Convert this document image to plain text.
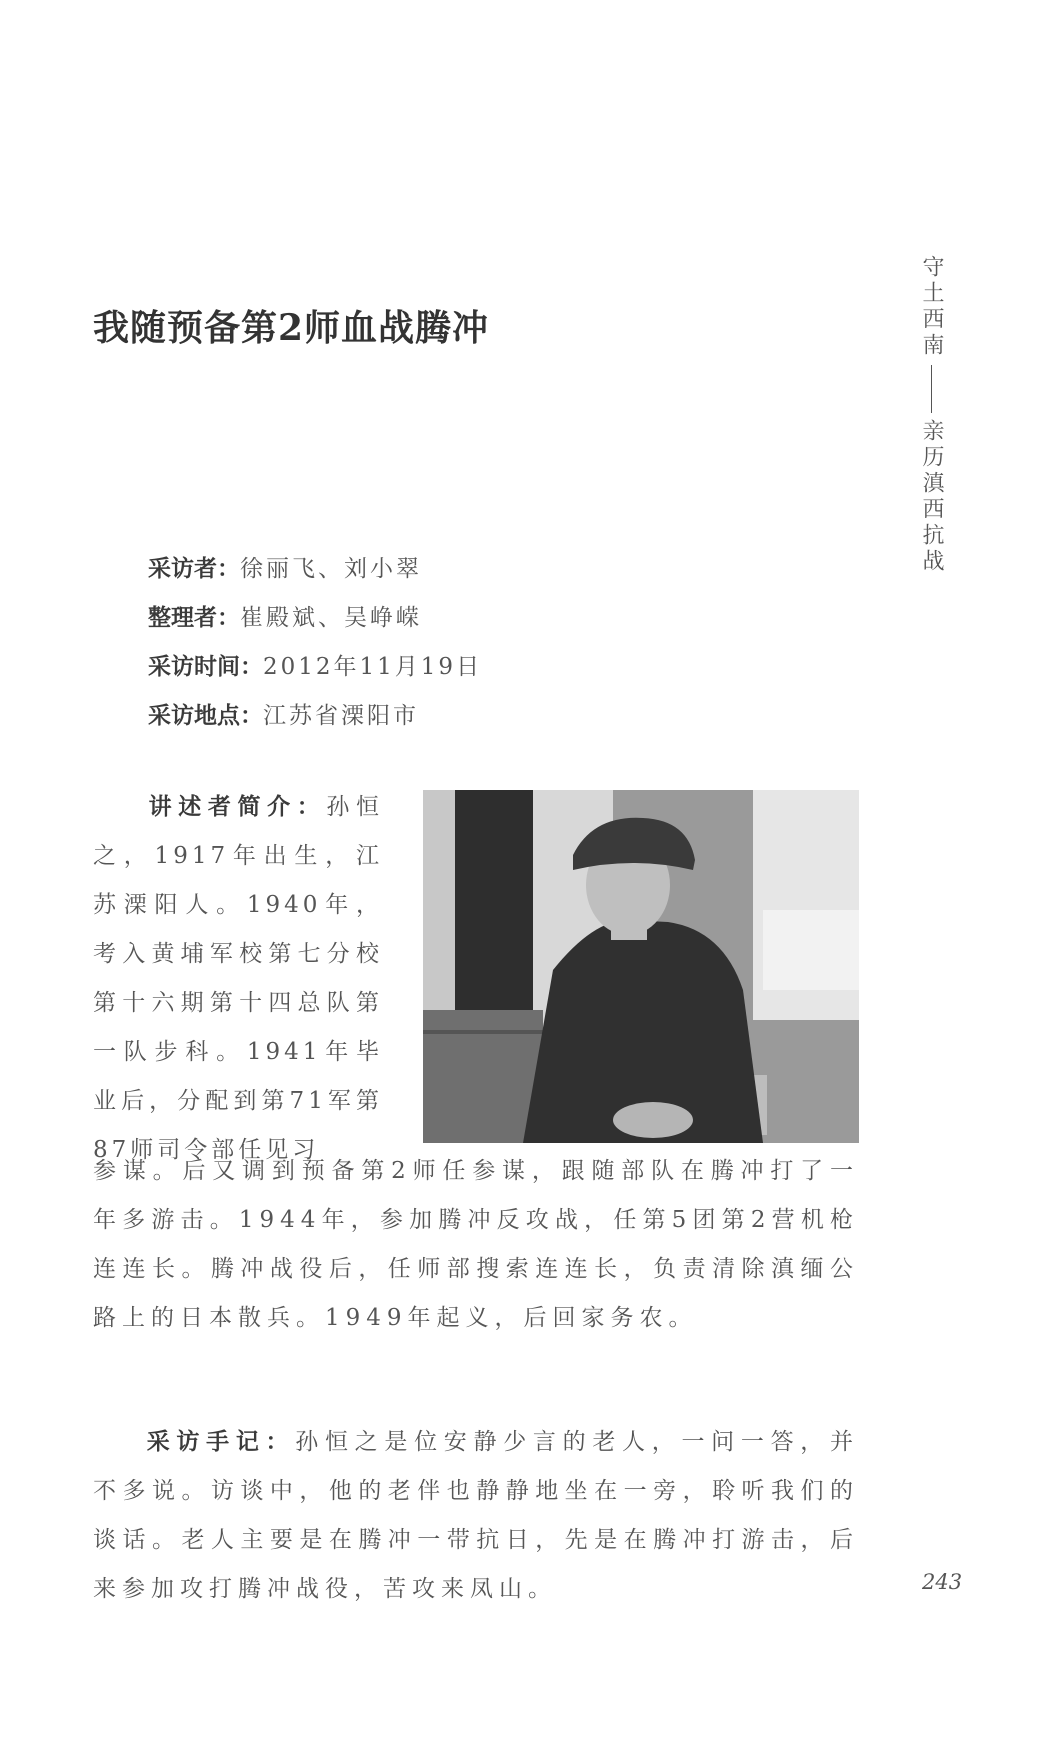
守土西南亲历滇西抗战
我随预备第2师血战腾冲
采访者：徐丽飞、刘小翠
整理者：崔殿斌、吴峥嵘
采访时间：2012年11月19日
采访地点：江苏省溧阳市
讲述者简介：孙恒之，1917年出生，江苏溧阳人。1940年，考入黄埔军校第七分校第十六期第十四总队第一队步科。1941年毕业后，分配到第71军第87师司令部任见习
参谋。后又调到预备第2师任参谋，跟随部队在腾冲打了一年多游击。1944年，参加腾冲反攻战，任第5团第2营机枪连连长。腾冲战役后，任师部搜索连连长，负责清除滇缅公路上的日本散兵。1949年起义，后回家务农。
采访手记：孙恒之是位安静少言的老人，一问一答，并不多说。访谈中，他的老伴也静静地坐在一旁，聆听我们的谈话。老人主要是在腾冲一带抗日，先是在腾冲打游击，后来参加攻打腾冲战役，苦攻来凤山。	243
